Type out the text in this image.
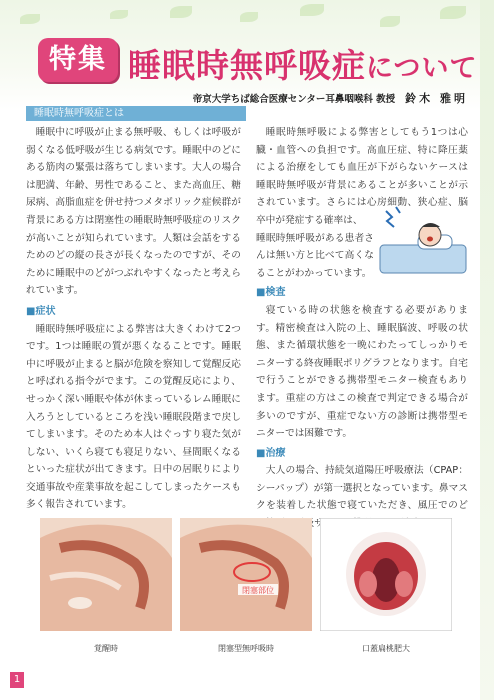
特集 睡眠時無呼吸症について
帝京大学ちば総合医療センター耳鼻咽喉科 教授 鈴木 雅明
睡眠時無呼吸症とは

睡眠中に呼吸が止まる無呼吸、もしくは呼吸が弱くなる低呼吸が生じる病気です。睡眠中のどにある筋肉の緊張は落ちてしまいます。大人の場合は肥満、年齢、男性であること、また高血圧、糖尿病、高脂血症を併せ持つメタボリック症候群が背景にある方は閉塞性の睡眠時無呼吸症のリスクが高いことが知られています。人類は会話をするためのどの縦の長さが長くなったのですが、そのために睡眠中のどがつぶれやすくなったと考えられています。

■症状

睡眠時無呼吸症による弊害は大きくわけて2つです。1つは睡眠の質が悪くなることです。睡眠中に呼吸が止まると脳が危険を察知して覚醒反応と呼ばれる指令がでます。この覚醒反応により、せっかく深い睡眠や体が休まっているレム睡眠に入ろうとしているところを浅い睡眠段階まで戻してしまいます。そのため本人はぐっすり寝た気がしない、いくら寝ても寝足りない、昼間眠くなるといった症状が出てきます。日中の居眠りにより交通事故や産業事故を起こしてしまったケースも多く報告されています。

睡眠時無呼吸による弊害としてもう1つは心臓・血管への負担です。高血圧症、特に降圧薬による治療をしても血圧が下がらないケースは睡眠時無呼吸が背景にあることが多いことが示されています。さらには心房細動、狭心症、脳卒中が発症する確率は、

睡眠時無呼吸がある患者さんは無い方と比べて高くなることがわかっています。

■検査

寝ている時の状態を検査する必要があります。精密検査は入院の上、睡眠脳波、呼吸の状態、また循環状態を一晩にわたってしっかりモニターする終夜睡眠ポリグラフとなります。自宅で行うことができる携帯型モニター検査もあります。重症の方はこの検査で判定できる場合が多いのですが、重症でない方の診断は携帯型モニターでは困難です。

■治療

大人の場合、持続気道陽圧呼吸療法（CPAP：シーパップ）が第一選択となっています。鼻マスクを装着した状態で寝ていただき、風圧でのど る呼吸サポー

覚醒時
閉塞部位
閉塞型無呼吸時	口蓋扁桃肥大
1
